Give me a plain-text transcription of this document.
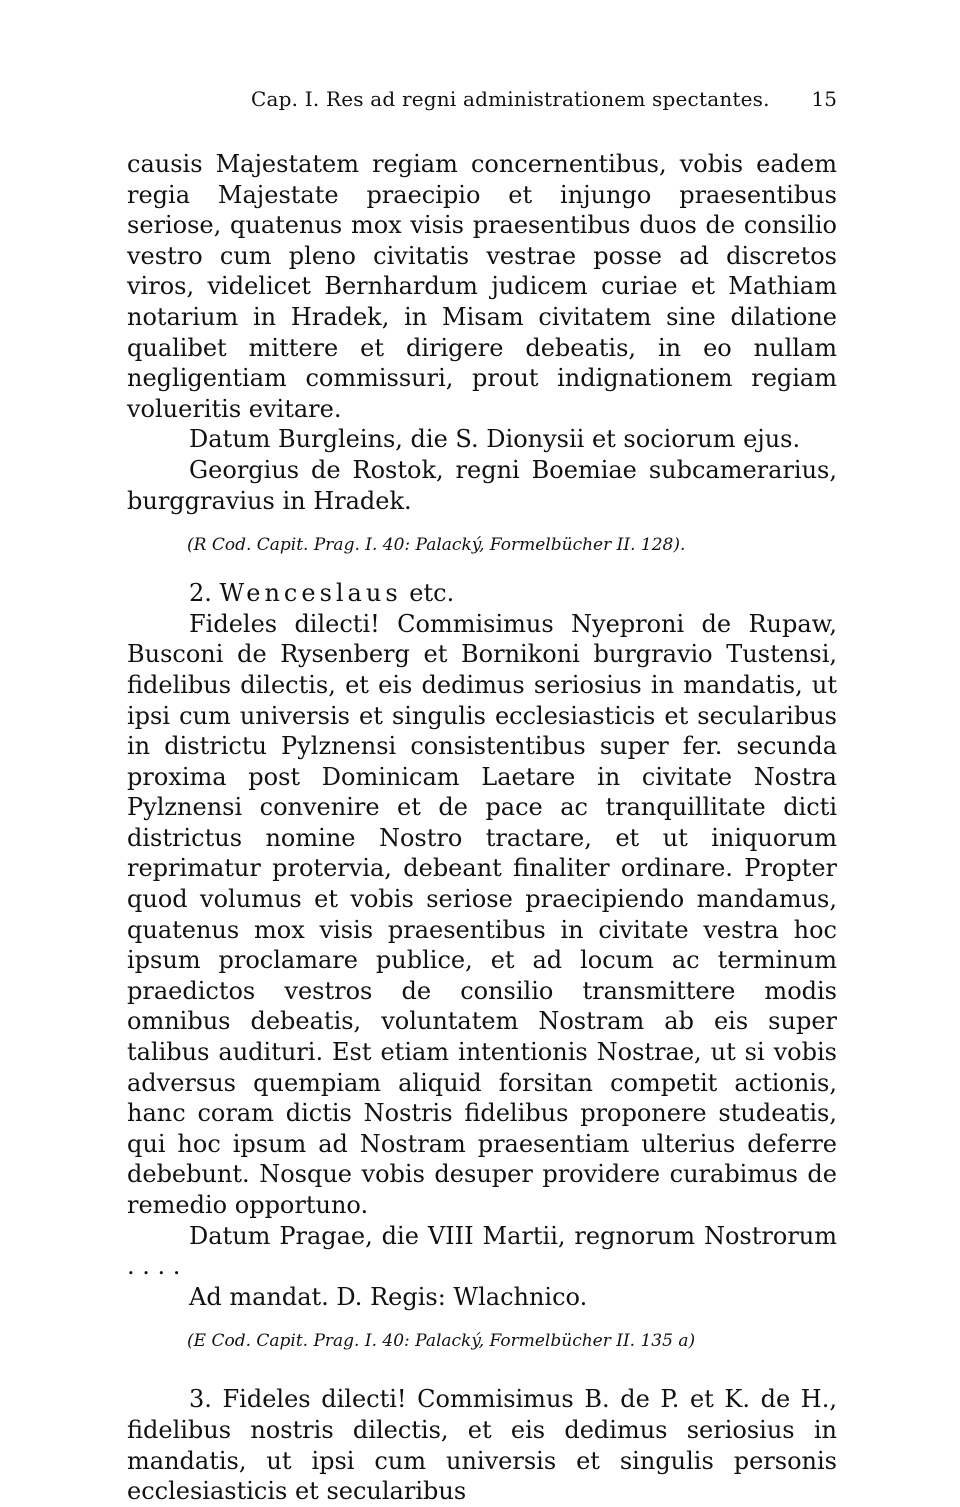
Cap. I. Res ad regni administrationem spectantes. 15

causis Majestatem regiam concernentibus, vobis eadem regia Majestate praecipio et injungo praesentibus seriose, quatenus mox visis praesentibus duos de consilio vestro cum pleno civitatis vestrae posse ad discretos viros, videlicet Bernhardum judicem curiae et Mathiam notarium in Hradek, in Misam civitatem sine dilatione qualibet mittere et dirigere debeatis, in eo nullam negligentiam commissuri, prout indignationem regiam volueritis evitare.

Datum Burgleins, die S. Dionysii et sociorum ejus.

Georgius de Rostok, regni Boemiae subcamerarius, burggravius in Hradek.

(R Cod. Capit. Prag. I. 40: Palacký, Formelbücher II. 128).

2. Wenceslaus etc.

Fideles dilecti! Commisimus Nyeproni de Rupaw, Busconi de Rysenberg et Bornikoni burgravio Tustensi, fidelibus dilectis, et eis dedimus seriosius in mandatis, ut ipsi cum universis et singulis ecclesiasticis et secularibus in districtu Pylznensi consistentibus super fer. secunda proxima post Dominicam Laetare in civitate Nostra Pylznensi convenire et de pace ac tranquillitate dicti districtus nomine Nostro tractare, et ut iniquorum reprimatur protervia, debeant finaliter ordinare. Propter quod volumus et vobis seriose praecipiendo mandamus, quatenus mox visis praesentibus in civitate vestra hoc ipsum proclamare publice, et ad locum ac terminum praedictos vestros de consilio transmittere modis omnibus debeatis, voluntatem Nostram ab eis super talibus audituri. Est etiam intentionis Nostrae, ut si vobis adversus quempiam aliquid forsitan competit actionis, hanc coram dictis Nostris fidelibus proponere studeatis, qui hoc ipsum ad Nostram praesentiam ulterius deferre debebunt. Nosque vobis desuper providere curabimus de remedio opportuno.

Datum Pragae, die VIII Martii, regnorum Nostrorum . . . .

Ad mandat. D. Regis: Wlachnico.

(E Cod. Capit. Prag. I. 40: Palacký, Formelbücher II. 135 a)

3. Fideles dilecti! Commisimus B. de P. et K. de H., fidelibus nostris dilectis, et eis dedimus seriosius in mandatis, ut ipsi cum universis et singulis personis ecclesiasticis et secularibus
